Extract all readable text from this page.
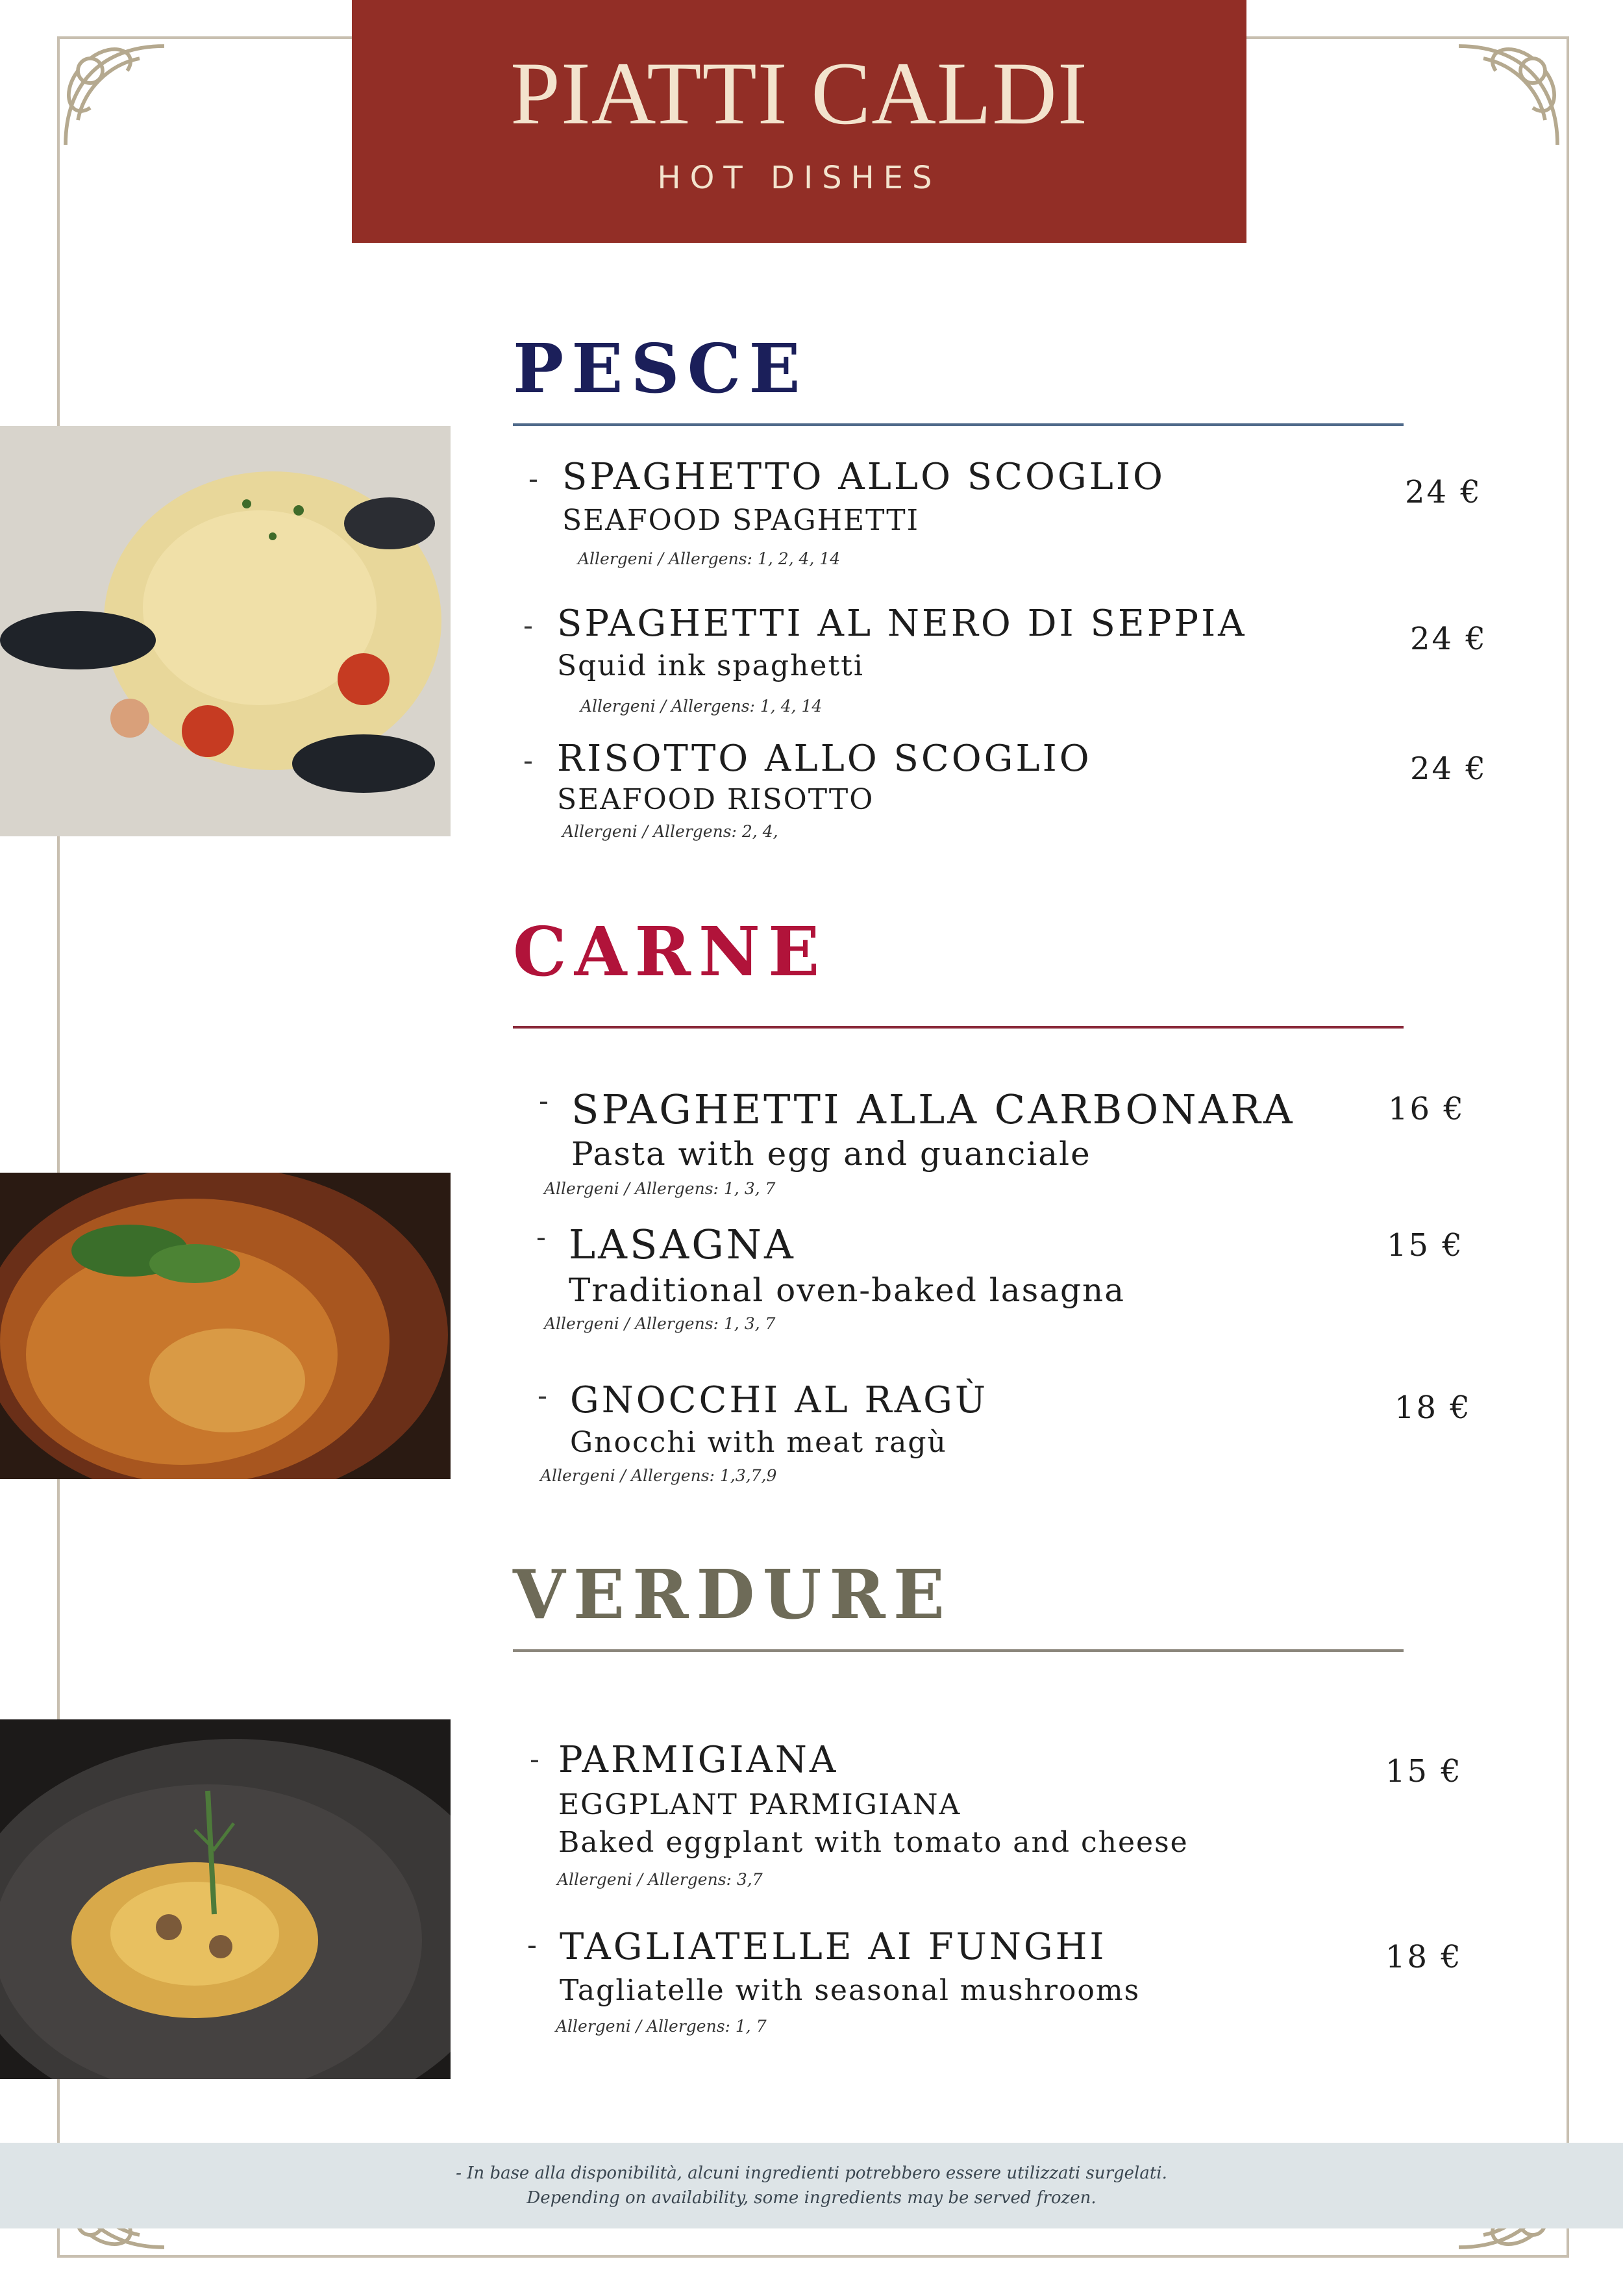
PIATTI CALDI
HOT DISHES
PESCE
- SPAGHETTO ALLO SCOGLIO
SEAFOOD SPAGHETTI
Allergeni / Allergens: 1, 2, 4, 14
24 €
- SPAGHETTI AL NERO DI SEPPIA
Squid ink spaghetti
Allergeni / Allergens: 1, 4, 14
24 €
- RISOTTO ALLO SCOGLIO
SEAFOOD RISOTTO
Allergeni / Allergens: 2, 4,
24 €
CARNE
- SPAGHETTI ALLA CARBONARA
Pasta with egg and guanciale
Allergeni / Allergens: 1, 3, 7
16 €
- LASAGNA
Traditional oven-baked lasagna
Allergeni / Allergens: 1, 3, 7
15 €
- GNOCCHI AL RAGÙ
Gnocchi with meat ragù
Allergeni / Allergens: 1,3,7,9
18 €
VERDURE
- PARMIGIANA
EGGPLANT PARMIGIANA
Baked eggplant with tomato and cheese
Allergeni / Allergens: 3,7
15 €
- TAGLIATELLE AI FUNGHI
Tagliatelle with seasonal mushrooms
Allergeni / Allergens: 1, 7
18 €
- In base alla disponibilità, alcuni ingredienti potrebbero essere utilizzati surgelati.
Depending on availability, some ingredients may be served frozen.
